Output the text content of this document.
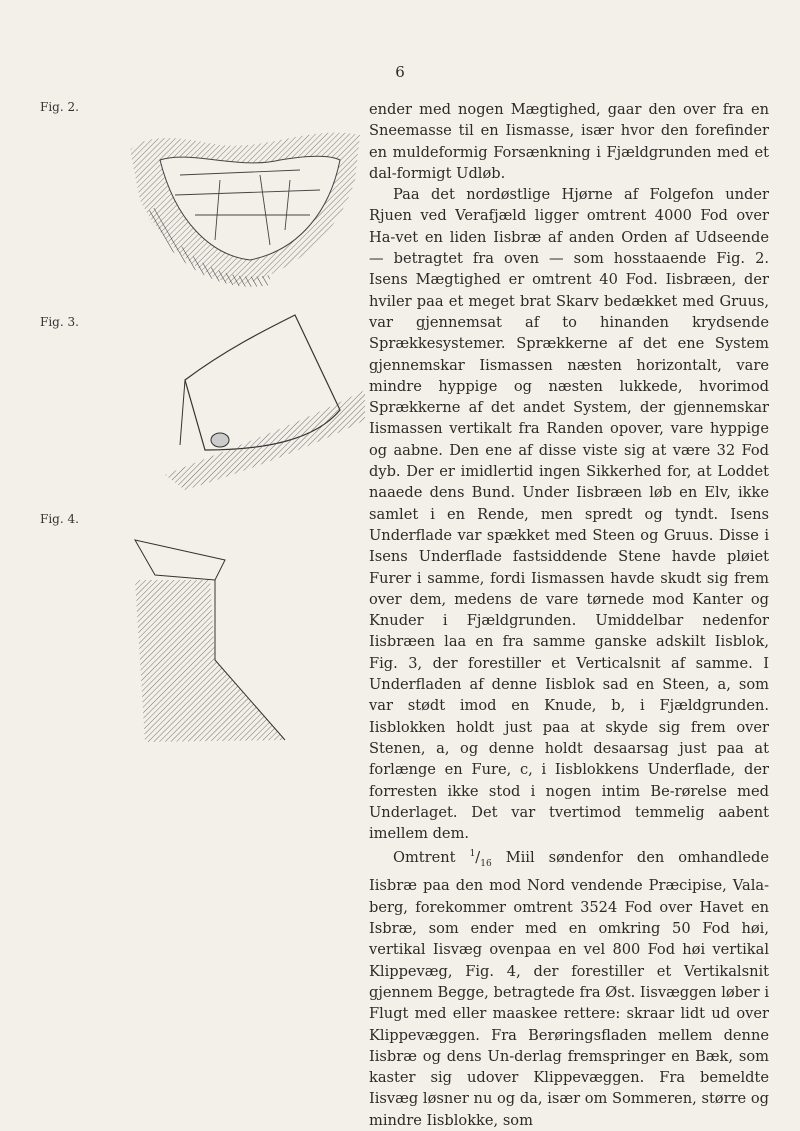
6
Fig. 2.
Fig. 3.
Fig. 4.

ender med nogen Mægtighed, gaar den over fra en Sneemasse til en Iismasse, især hvor den forefinder en muldeformig Forsænkning i Fjældgrunden med et dal-formigt Udløb.

Paa det nordøstlige Hjørne af Folgefon under Rjuen ved Verafjæld ligger omtrent 4000 Fod over Ha-vet en liden Iisbræ af anden Orden af Udseende — betragtet fra oven — som hosstaaende Fig. 2. Isens Mægtighed er omtrent 40 Fod. Iisbræen, der hviler paa et meget brat Skarv bedækket med Gruus, var gjennemsat af to hinanden krydsende Sprækkesystemer. Sprækkerne af det ene System gjennemskar Iismassen næsten horizontalt, vare mindre hyppige og næsten lukkede, hvorimod Sprækkerne af det andet System, der gjennemskar Iismassen vertikalt fra Randen opover, vare hyppige og aabne. Den ene af disse viste sig at være 32 Fod dyb. Der er imidlertid ingen Sikkerhed for, at Loddet naaede dens Bund. Under Iisbræen løb en Elv, ikke samlet i en Rende, men spredt og tyndt. Isens Underflade var spækket med Steen og Gruus. Disse i Isens Underflade fastsiddende Stene havde pløiet Furer i samme, fordi Iismassen havde skudt sig frem over dem, medens de vare tørnede mod Kanter og Knuder i Fjældgrunden. Umiddelbar nedenfor Iisbræen laa en fra samme ganske adskilt Iisblok, Fig. 3, der forestiller et Verticalsnit af samme. I Underfladen af denne Iisblok sad en Steen, a, som var stødt imod en Knude, b, i Fjældgrunden. Iisblokken holdt just paa at skyde sig frem over Stenen, a, og denne holdt desaarsag just paa at forlænge en Fure, c, i Iisblokkens Underflade, der forresten ikke stod i nogen intim Be-rørelse med Underlaget. Det var tvertimod temmelig aabent imellem dem.

Omtrent $^1/_{16}$ Miil søndenfor den omhandlede Iisbræ paa den mod Nord vendende Præcipise, Vala-berg, forekommer omtrent 3524 Fod over Havet en Isbræ, som ender med en omkring 50 Fod høi, vertikal Iisvæg ovenpaa en vel 800 Fod høi vertikal Klippevæg, Fig. 4, der forestiller et Vertikalsnit gjennem Begge, betragtede fra Øst. Iisvæggen løber i Flugt med eller maaskee rettere: skraar lidt ud over Klippevæggen. Fra Berøringsfladen mellem denne Iisbræ og dens Un-derlag fremspringer en Bæk, som kaster sig udover Klippevæggen. Fra bemeldte Iisvæg løsner nu og da, især om Sommeren, større og mindre Iisblokke, som
